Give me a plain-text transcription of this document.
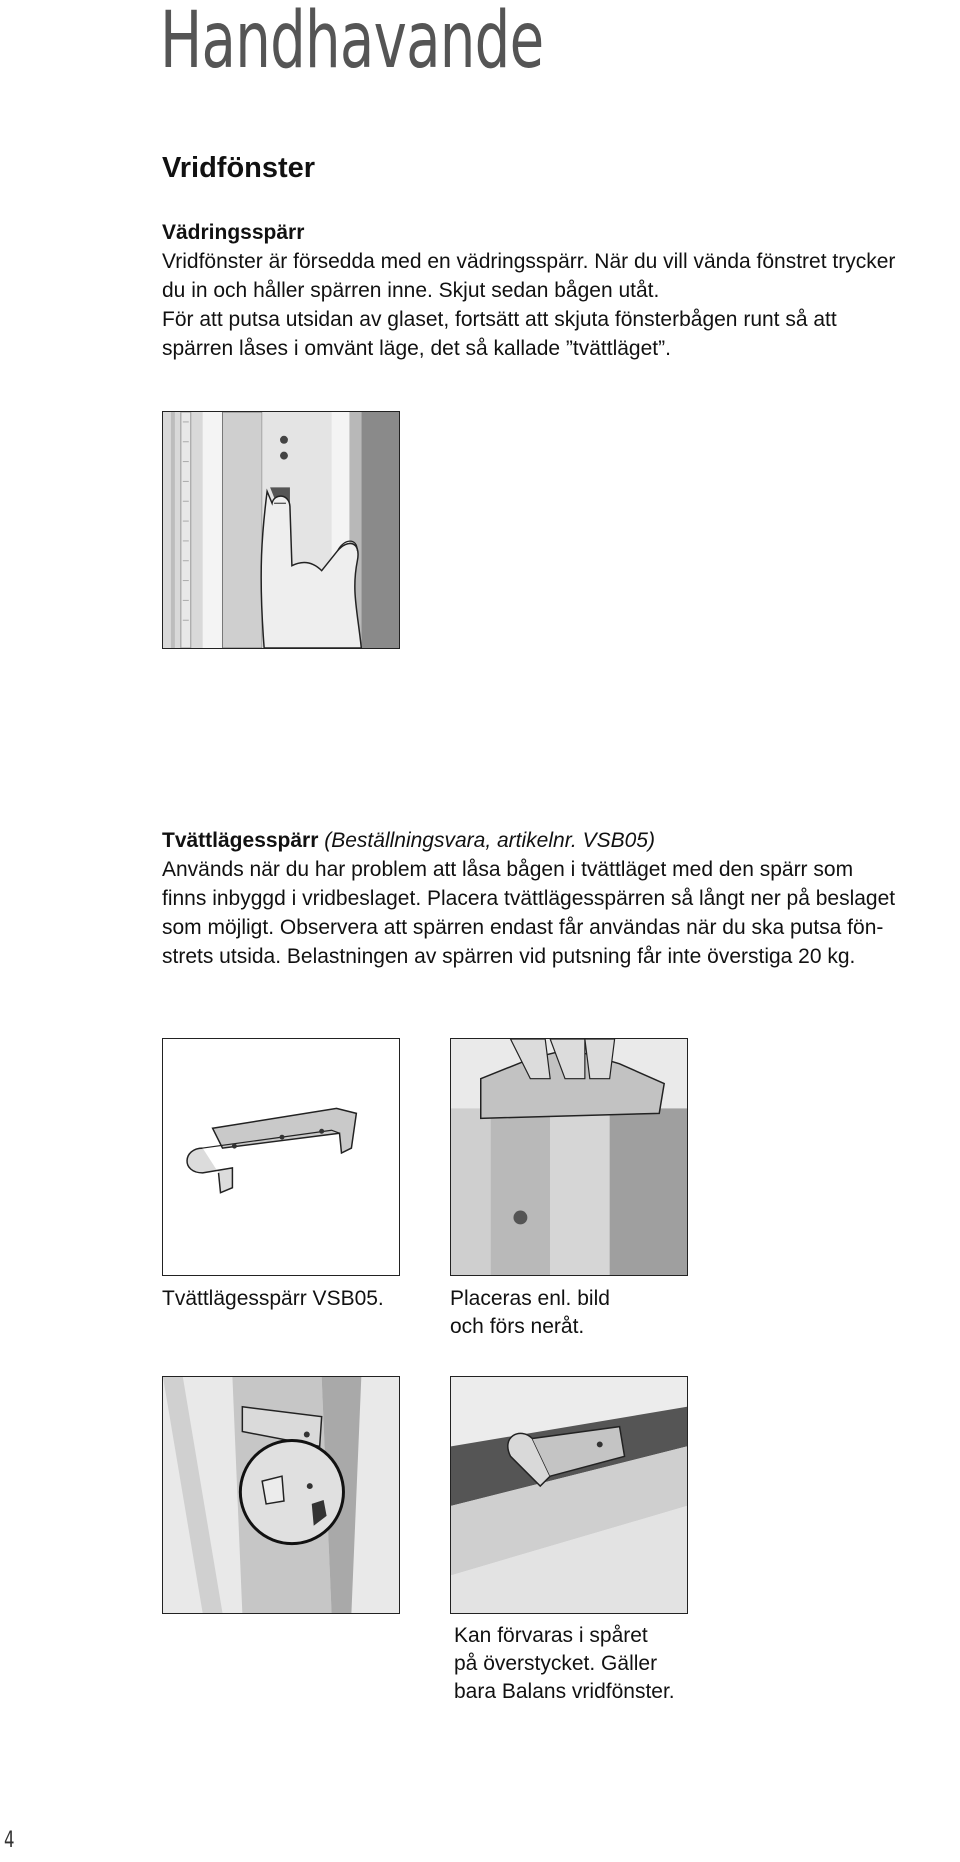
Handhavande
Vridfönster
Vädringsspärr
Vridfönster är försedda med en vädringsspärr. När du vill vända fönstret trycker
du in och håller spärren inne. Skjut sedan bågen utåt.
För att putsa utsidan av glaset, fortsätt att skjuta fönsterbågen runt så att
spärren låses i omvänt läge, det så kallade ”tvättläget”.
Tvättlägesspärr (Beställningsvara, artikelnr. VSB05)
Används när du har problem att låsa bågen i tvättläget med den spärr som
finns inbyggd i vridbeslaget. Placera tvättlägesspärren så långt ner på beslaget
som möjligt. Observera att spärren endast får användas när du ska putsa fön-
strets utsida. Belastningen av spärren vid putsning får inte överstiga 20 kg.
Tvättlägesspärr VSB05.	Placeras enl. bild
och förs neråt.
Kan förvaras i spåret
på överstycket. Gäller
bara Balans vridfönster.
4
